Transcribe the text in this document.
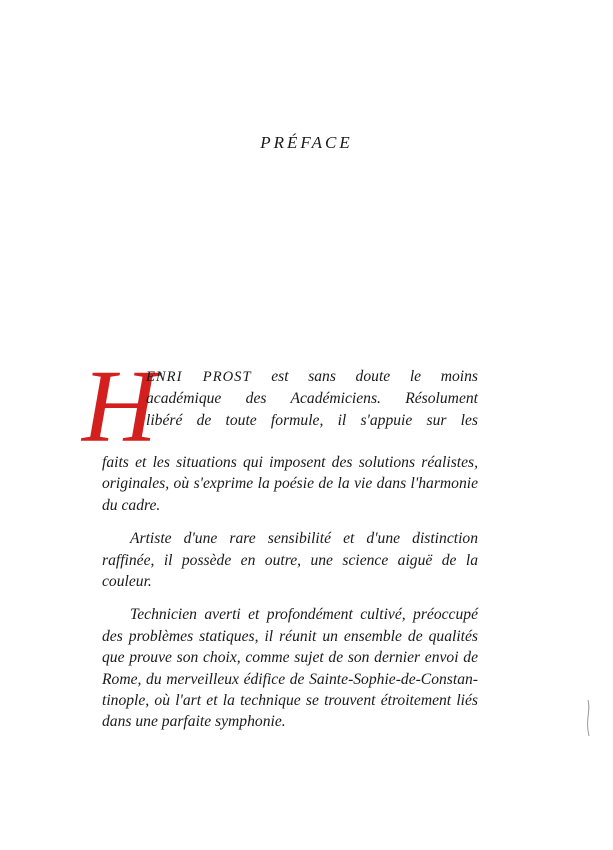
PRÉFACE
H
ENRI PROST est sans doute le moins
académique des Académiciens. Résolument
libéré de toute formule, il s'appuie sur les
faits et les situations qui imposent des solutions réalistes,
originales, où s'exprime la poésie de la vie dans l'harmonie
du cadre.
Artiste d'une rare sensibilité et d'une distinction
raffinée, il possède en outre, une science aiguë de la couleur.
Technicien averti et profondément cultivé, préoccupé
des problèmes statiques, il réunit un ensemble de qualités
que prouve son choix, comme sujet de son dernier envoi de
Rome, du merveilleux édifice de Sainte-Sophie-de-Constan-
tinople, où l'art et la technique se trouvent étroitement liés
dans une parfaite symphonie.
